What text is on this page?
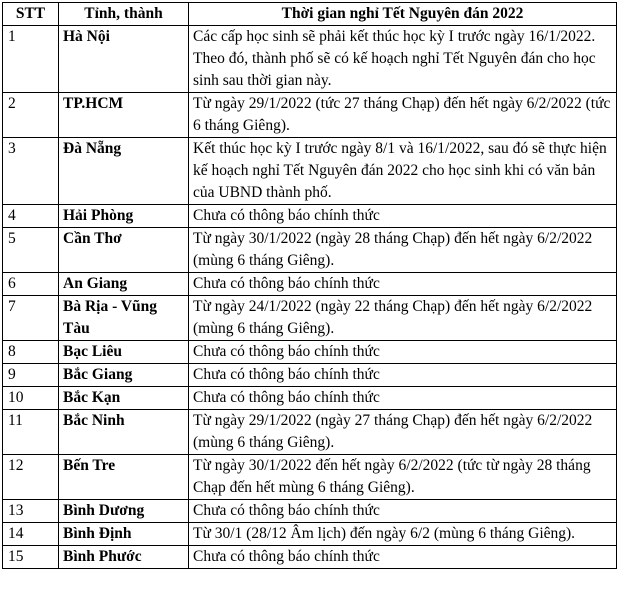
STT	Tỉnh, thành	Thời gian nghỉ Tết Nguyên đán 2022
1	Hà Nội	Các cấp học sinh sẽ phải kết thúc học kỳ I trước ngày 16/1/2022. Theo đó, thành phố sẽ có kế hoạch nghỉ Tết Nguyên đán cho học sinh sau thời gian này.
2	TP.HCM	Từ ngày 29/1/2022 (tức 27 tháng Chạp) đến hết ngày 6/2/2022 (tức 6 tháng Giêng).
3	Đà Nẵng	Kết thúc học kỳ I trước ngày 8/1 và 16/1/2022, sau đó sẽ thực hiện kế hoạch nghỉ Tết Nguyên đán 2022 cho học sinh khi có văn bản của UBND thành phố.
4	Hải Phòng	Chưa có thông báo chính thức
5	Cần Thơ	Từ ngày 30/1/2022 (ngày 28 tháng Chạp) đến hết ngày 6/2/2022 (mùng 6 tháng Giêng).
6	An Giang	Chưa có thông báo chính thức
7	Bà Rịa - Vũng Tàu	Từ ngày 24/1/2022 (ngày 22 tháng Chạp) đến hết ngày 6/2/2022 (mùng 6 tháng Giêng).
8	Bạc Liêu	Chưa có thông báo chính thức
9	Bắc Giang	Chưa có thông báo chính thức
10	Bắc Kạn	Chưa có thông báo chính thức
11	Bắc Ninh	Từ ngày 29/1/2022 (ngày 27 tháng Chạp) đến hết ngày 6/2/2022 (mùng 6 tháng Giêng).
12	Bến Tre	Từ ngày 30/1/2022 đến hết ngày 6/2/2022 (tức từ ngày 28 tháng Chạp đến hết mùng 6 tháng Giêng).
13	Bình Dương	Chưa có thông báo chính thức
14	Bình Định	Từ 30/1 (28/12 Âm lịch) đến ngày 6/2 (mùng 6 tháng Giêng).
15	Bình Phước	Chưa có thông báo chính thức
